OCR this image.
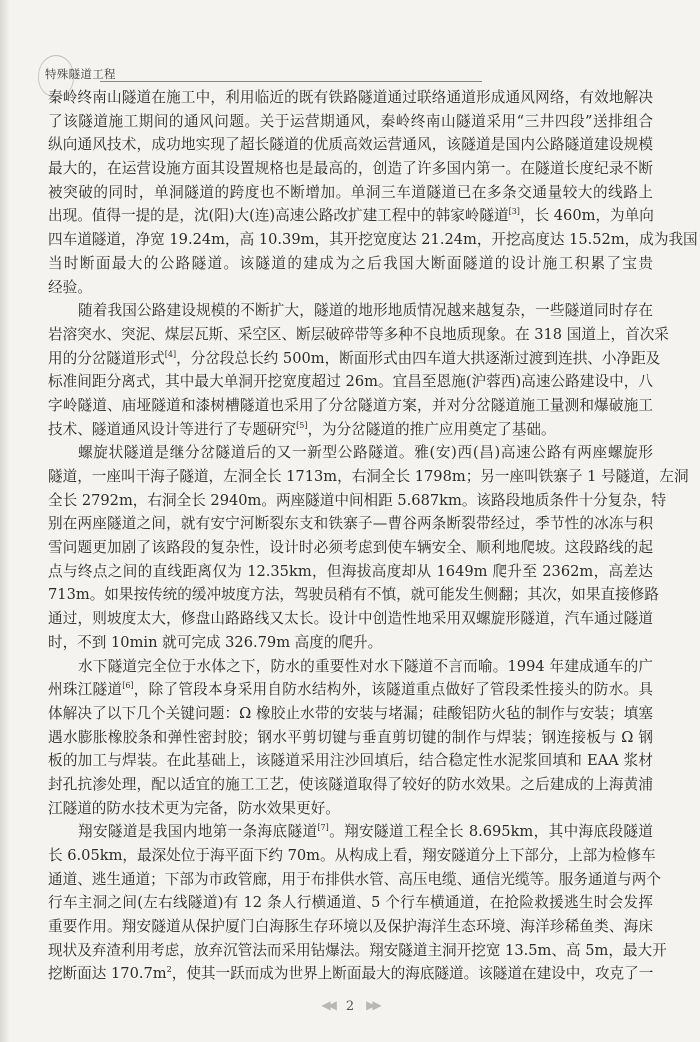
特殊隧道工程
秦岭终南山隧道在施工中，利用临近的既有铁路隧道通过联络通道形成通风网络，有效地解决
了该隧道施工期间的通风问题。关于运营期通风，秦岭终南山隧道采用“三井四段”送排组合
纵向通风技术，成功地实现了超长隧道的优质高效运营通风，该隧道是国内公路隧道建设规模
最大的，在运营设施方面其设置规格也是最高的，创造了许多国内第一。在隧道长度纪录不断
被突破的同时，单洞隧道的跨度也不断增加。单洞三车道隧道已在多条交通量较大的线路上
出现。值得一提的是，沈(阳)大(连)高速公路改扩建工程中的韩家岭隧道[3]，长 460m，为单向
四车道隧道，净宽 19.24m，高 10.39m，其开挖宽度达 21.24m，开挖高度达 15.52m，成为我国
当时断面最大的公路隧道。该隧道的建成为之后我国大断面隧道的设计施工积累了宝贵
经验。
随着我国公路建设规模的不断扩大，隧道的地形地质情况越来越复杂，一些隧道同时存在
岩溶突水、突泥、煤层瓦斯、采空区、断层破碎带等多种不良地质现象。在 318 国道上，首次采
用的分岔隧道形式[4]，分岔段总长约 500m，断面形式由四车道大拱逐渐过渡到连拱、小净距及
标准间距分离式，其中最大单洞开挖宽度超过 26m。宜昌至恩施(沪蓉西)高速公路建设中，八
字岭隧道、庙垭隧道和漆树槽隧道也采用了分岔隧道方案，并对分岔隧道施工量测和爆破施工
技术、隧道通风设计等进行了专题研究[5]，为分岔隧道的推广应用奠定了基础。
螺旋状隧道是继分岔隧道后的又一新型公路隧道。雅(安)西(昌)高速公路有两座螺旋形
隧道，一座叫干海子隧道，左洞全长 1713m，右洞全长 1798m；另一座叫铁寨子 1 号隧道，左洞
全长 2792m，右洞全长 2940m。两座隧道中间相距 5.687km。该路段地质条件十分复杂，特
别在两座隧道之间，就有安宁河断裂东支和铁寨子—曹谷两条断裂带经过，季节性的冰冻与积
雪问题更加剧了该路段的复杂性，设计时必须考虑到使车辆安全、顺利地爬坡。这段路线的起
点与终点之间的直线距离仅为 12.35km，但海拔高度却从 1649m 爬升至 2362m，高差达
713m。如果按传统的缓冲坡度方法，驾驶员稍有不慎，就可能发生侧翻；其次，如果直接修路
通过，则坡度太大，修盘山路路线又太长。设计中创造性地采用双螺旋形隧道，汽车通过隧道
时，不到 10min 就可完成 326.79m 高度的爬升。
水下隧道完全位于水体之下，防水的重要性对水下隧道不言而喻。1994 年建成通车的广
州珠江隧道[6]，除了管段本身采用自防水结构外，该隧道重点做好了管段柔性接头的防水。具
体解决了以下几个关键问题：Ω 橡胶止水带的安装与堵漏；硅酸铝防火毡的制作与安装；填塞
遇水膨胀橡胶条和弹性密封胶；钢水平剪切键与垂直剪切键的制作与焊装；钢连接板与 Ω 钢
板的加工与焊装。在此基础上，该隧道采用注沙回填后，结合稳定性水泥浆回填和 EAA 浆材
封孔抗渗处理，配以适宜的施工工艺，使该隧道取得了较好的防水效果。之后建成的上海黄浦
江隧道的防水技术更为完备，防水效果更好。
翔安隧道是我国内地第一条海底隧道[7]。翔安隧道工程全长 8.695km，其中海底段隧道
长 6.05km，最深处位于海平面下约 70m。从构成上看，翔安隧道分上下部分，上部为检修车
通道、逃生通道；下部为市政管廊，用于布排供水管、高压电缆、通信光缆等。服务通道与两个
行车主洞之间(左右线隧道)有 12 条人行横通道、5 个行车横通道，在抢险救援逃生时会发挥
重要作用。翔安隧道从保护厦门白海豚生存环境以及保护海洋生态环境、海洋珍稀鱼类、海床
现状及弃渣利用考虑，放弃沉管法而采用钻爆法。翔安隧道主洞开挖宽 13.5m、高 5m，最大开
挖断面达 $170.7m^2$，使其一跃而成为世界上断面最大的海底隧道。该隧道在建设中，攻克了一
◀◀ 2 ▶▶
